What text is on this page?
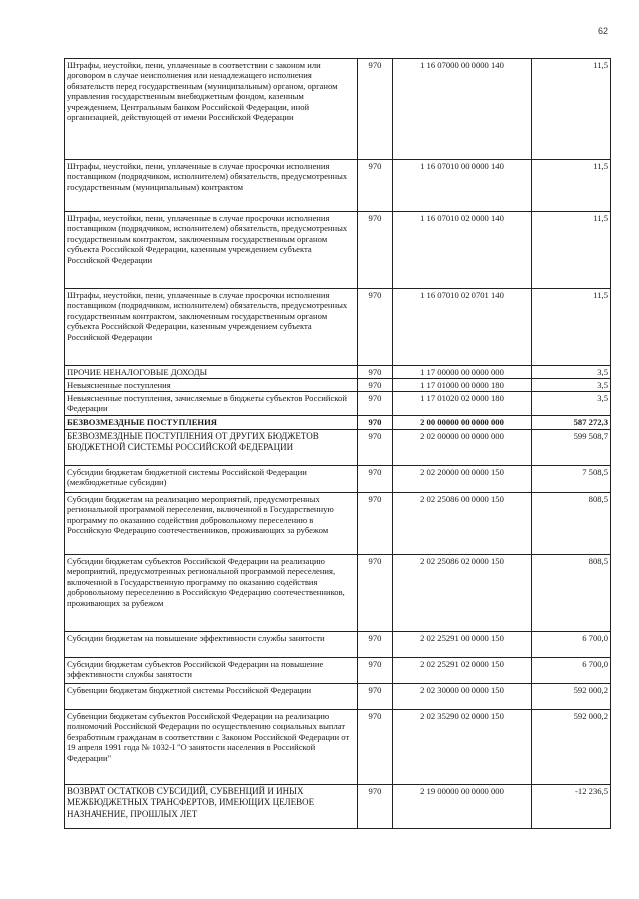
62
Штрафы, неустойки, пени, уплаченные в соответствии с законом или договором в случае неисполнения или ненадлежащего исполнения обязательств перед государственным (муниципальным) органом, органом управления государственным внебюджетным фондом, казенным учреждением, Центральным банком Российской Федерации, иной организацией, действующей от имени Российской Федерации	970	1 16 07000 00 0000 140	11,5
Штрафы, неустойки, пени, уплаченные в случае просрочки исполнения поставщиком (подрядчиком, исполнителем) обязательств, предусмотренных государственным (муниципальным) контрактом	970	1 16 07010 00 0000 140	11,5
Штрафы, неустойки, пени, уплаченные в случае просрочки исполнения поставщиком (подрядчиком, исполнителем) обязательств, предусмотренных государственным контрактом, заключенным государственным органом субъекта Российской Федерации, казенным учреждением субъекта Российской Федерации	970	1 16 07010 02 0000 140	11,5
Штрафы, неустойки, пени, уплаченные в случае просрочки исполнения поставщиком (подрядчиком, исполнителем) обязательств, предусмотренных государственным контрактом, заключенным государственным органом субъекта Российской Федерации, казенным учреждением субъекта Российской Федерации	970	1 16 07010 02 0701 140	11,5
ПРОЧИЕ НЕНАЛОГОВЫЕ ДОХОДЫ	970	1 17 00000 00 0000 000	3,5
Невыясненные поступления	970	1 17 01000 00 0000 180	3,5
Невыясненные поступления, зачисляемые в бюджеты субъектов Российской Федерации	970	1 17 01020 02 0000 180	3,5
БЕЗВОЗМЕЗДНЫЕ ПОСТУПЛЕНИЯ	970	2 00 00000 00 0000 000	587 272,3
БЕЗВОЗМЕЗДНЫЕ ПОСТУПЛЕНИЯ ОТ ДРУГИХ БЮДЖЕТОВ БЮДЖЕТНОЙ СИСТЕМЫ РОССИЙСКОЙ ФЕДЕРАЦИИ	970	2 02 00000 00 0000 000	599 508,7
Субсидии бюджетам бюджетной системы Российской Федерации (межбюджетные субсидии)	970	2 02 20000 00 0000 150	7 508,5
Субсидии бюджетам на реализацию мероприятий, предусмотренных региональной программой переселения, включенной в Государственную программу по оказанию содействия добровольному переселению в Российскую Федерацию соотечественников, проживающих за рубежом	970	2 02 25086 00 0000 150	808,5
Субсидии бюджетам субъектов Российской Федерации на реализацию мероприятий, предусмотренных региональной программой переселения, включенной в Государственную программу по оказанию содействия добровольному переселению в Российскую Федерацию соотечественников, проживающих за рубежом	970	2 02 25086 02 0000 150	808,5
Субсидии бюджетам на повышение эффективности службы занятости	970	2 02 25291 00 0000 150	6 700,0
Субсидии бюджетам субъектов Российской Федерации на повышение эффективности службы занятости	970	2 02 25291 02 0000 150	6 700,0
Субвенции бюджетам бюджетной системы Российской Федерации	970	2 02 30000 00 0000 150	592 000,2
Субвенции бюджетам субъектов Российской Федерации на реализацию полномочий Российской Федерации по осуществлению социальных выплат безработным гражданам в соответствии с Законом Российской Федерации от 19 апреля 1991 года № 1032-I "О занятости населения в Российской Федерации"	970	2 02 35290 02 0000 150	592 000,2
ВОЗВРАТ ОСТАТКОВ СУБСИДИЙ, СУБВЕНЦИЙ И ИНЫХ МЕЖБЮДЖЕТНЫХ ТРАНСФЕРТОВ, ИМЕЮЩИХ ЦЕЛЕВОЕ НАЗНАЧЕНИЕ, ПРОШЛЫХ ЛЕТ	970	2 19 00000 00 0000 000	-12 236,5
